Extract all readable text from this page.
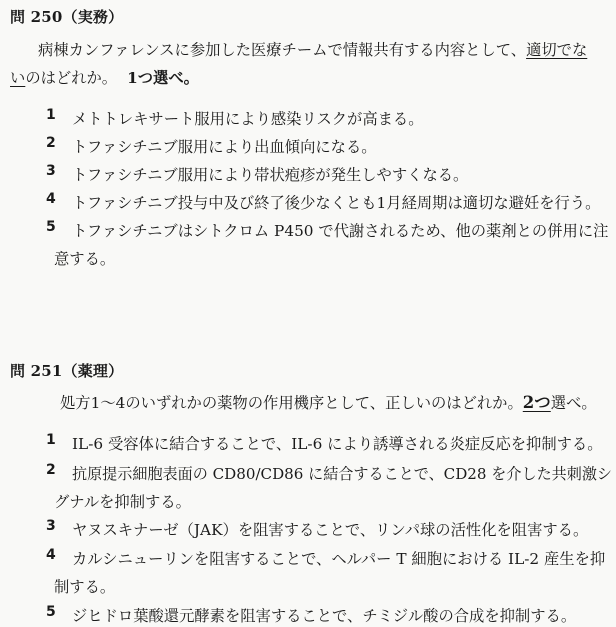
問 250（実務）
病棟カンファレンスに参加した医療チームで情報共有する内容として、適切でな
いのはどれか。 1つ選べ。
1 メトトレキサート服用により感染リスクが高まる。
2 トファシチニブ服用により出血傾向になる。
3 トファシチニブ服用により帯状疱疹が発生しやすくなる。
4 トファシチニブ投与中及び終了後少なくとも1月経周期は適切な避妊を行う。
5 トファシチニブはシトクロム P450 で代謝されるため、他の薬剤との併用に注
意する。
問 251（薬理）
処方1～4のいずれかの薬物の作用機序として、正しいのはどれか。2つ選べ。
1 IL-6 受容体に結合することで、IL-6 により誘導される炎症反応を抑制する。
2 抗原提示細胞表面の CD80/CD86 に結合することで、CD28 を介した共刺激シ
グナルを抑制する。
3 ヤヌスキナーゼ（JAK）を阻害することで、リンパ球の活性化を阻害する。
4 カルシニューリンを阻害することで、ヘルパー T 細胞における IL-2 産生を抑
制する。
5 ジヒドロ葉酸還元酵素を阻害することで、チミジル酸の合成を抑制する。
